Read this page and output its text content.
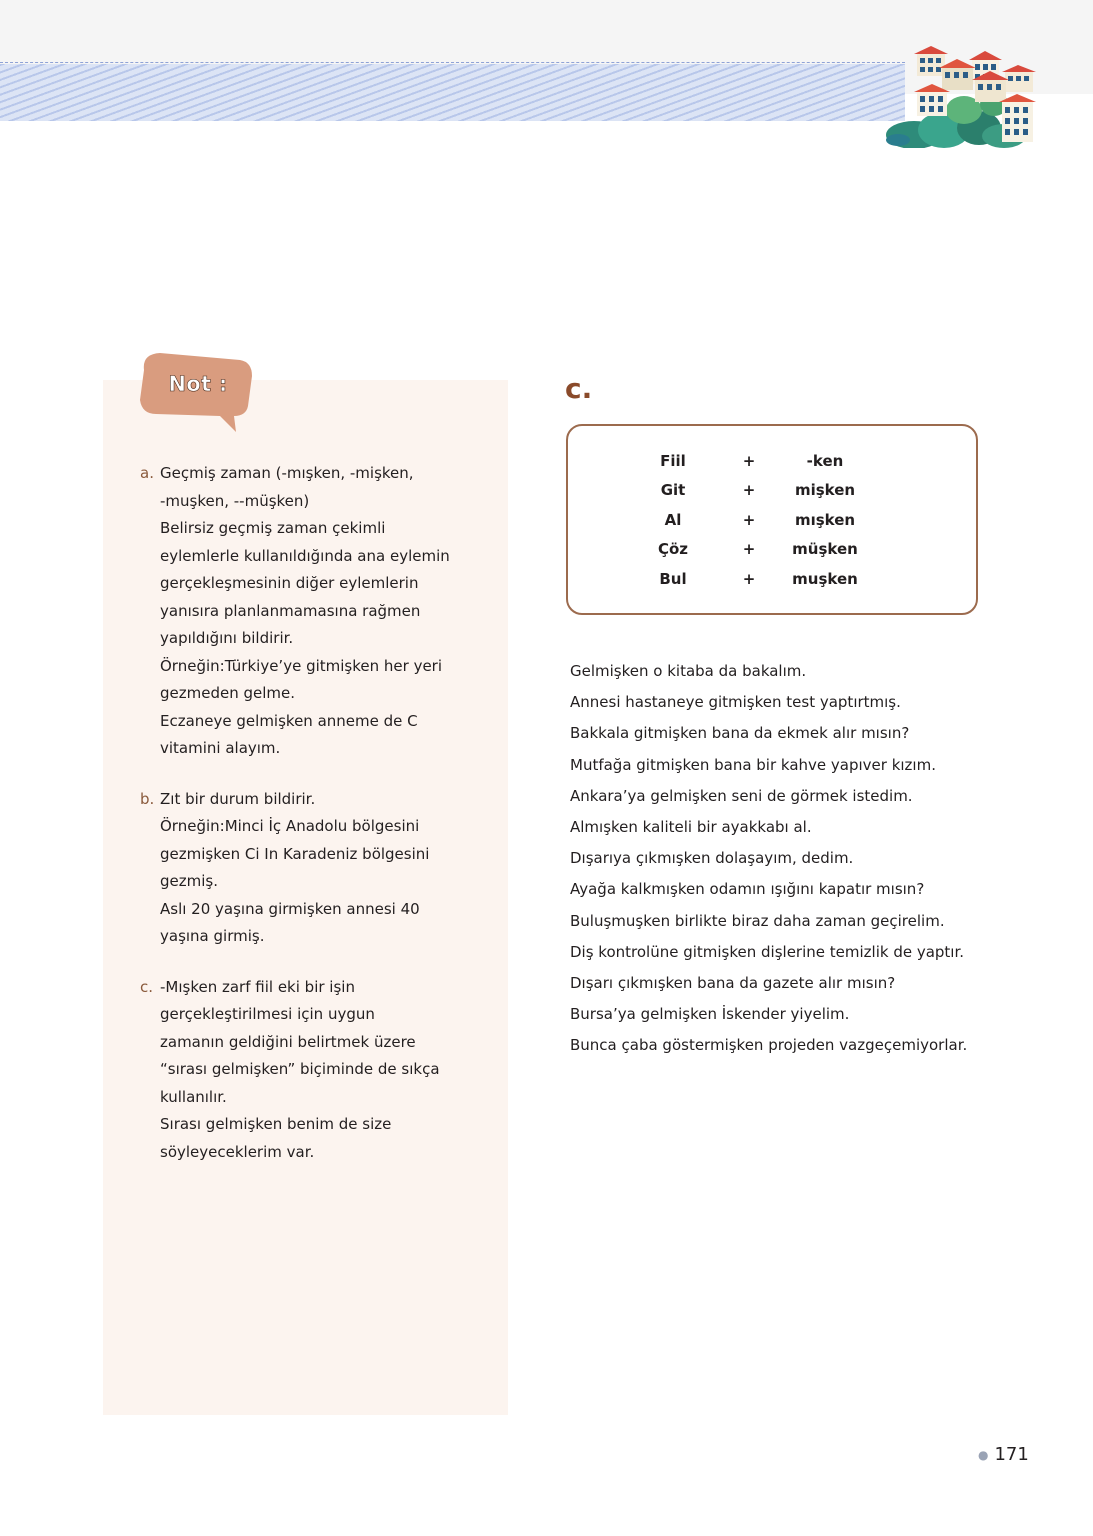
Not :
a. Geçmiş zaman (-mışken, -mişken,
-muşken, --müşken)
Belirsiz geçmiş zaman çekimli
eylemlerle kullanıldığında ana eylemin
gerçekleşmesinin diğer eylemlerin
yanısıra planlanmamasına rağmen
yapıldığını bildirir.
Örneğin:Türkiye’ye gitmişken her yeri
gezmeden gelme.
Eczaneye gelmişken anneme de C
vitamini alayım.
b. Zıt bir durum bildirir.
Örneğin:Minci İç Anadolu bölgesini
gezmişken Ci In Karadeniz bölgesini
gezmiş.
Aslı 20 yaşına girmişken annesi 40
yaşına girmiş.
c. -Mışken zarf fiil eki bir işin
gerçekleştirilmesi için uygun
zamanın geldiğini belirtmek üzere
“sırası gelmişken” biçiminde de sıkça
kullanılır.
Sırası gelmişken benim de size
söyleyeceklerim var.
c.
Fiil	+	-ken
Git	+	mişken
Al	+	mışken
Çöz	+	müşken
Bul	+	muşken
Gelmişken o kitaba da bakalım.
Annesi hastaneye gitmişken test yaptırtmış.
Bakkala gitmişken bana da ekmek alır mısın?
Mutfağa gitmişken bana bir kahve yapıver kızım.
Ankara’ya gelmişken seni de görmek istedim.
Almışken kaliteli bir ayakkabı al.
Dışarıya çıkmışken dolaşayım, dedim.
Ayağa kalkmışken odamın ışığını kapatır mısın?
Buluşmuşken birlikte biraz daha zaman geçirelim.
Diş kontrolüne gitmişken dişlerine temizlik de yaptır.
Dışarı çıkmışken bana da gazete alır mısın?
Bursa’ya gelmişken İskender yiyelim.
Bunca çaba göstermişken projeden vazgeçemiyorlar.
● 171
